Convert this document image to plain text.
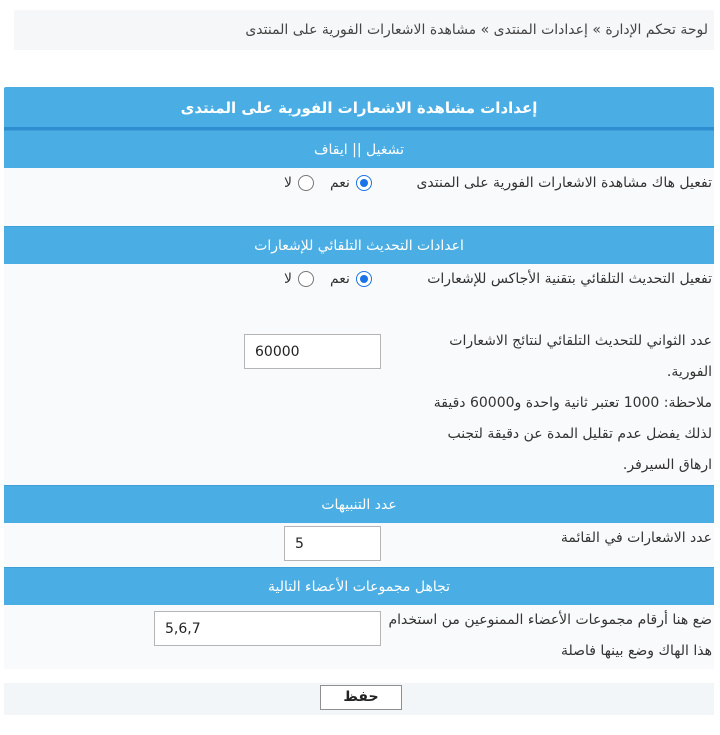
لوحة تحكم الإدارة » إعدادات المنتدى » مشاهدة الاشعارات الفورية على المنتدى
إعدادات مشاهدة الاشعارات الفورية على المنتدى
تشغيل || ايقاف
تفعيل هاك مشاهدة الاشعارات الفورية على المنتدى
نعم
لا
اعدادات التحديث التلقائي للإشعارات
تفعيل التحديث التلقائي بتقنية الأجاكس للإشعارات
نعم
لا
عدد الثواني للتحديث التلقائي لنتائج الاشعارات الفورية.
60000
ملاحظة: 1000 تعتبر ثانية واحدة و60000 دقيقة لذلك يفضل عدم تقليل المدة عن دقيقة لتجنب ارهاق السيرفر.
عدد التنبيهات
عدد الاشعارات في القائمة
5
تجاهل مجموعات الأعضاء التالية
ضع هنا أرقام مجموعات الأعضاء الممنوعين من استخدام هذا الهاك وضع بينها فاصلة
5,6,7
حفظ
